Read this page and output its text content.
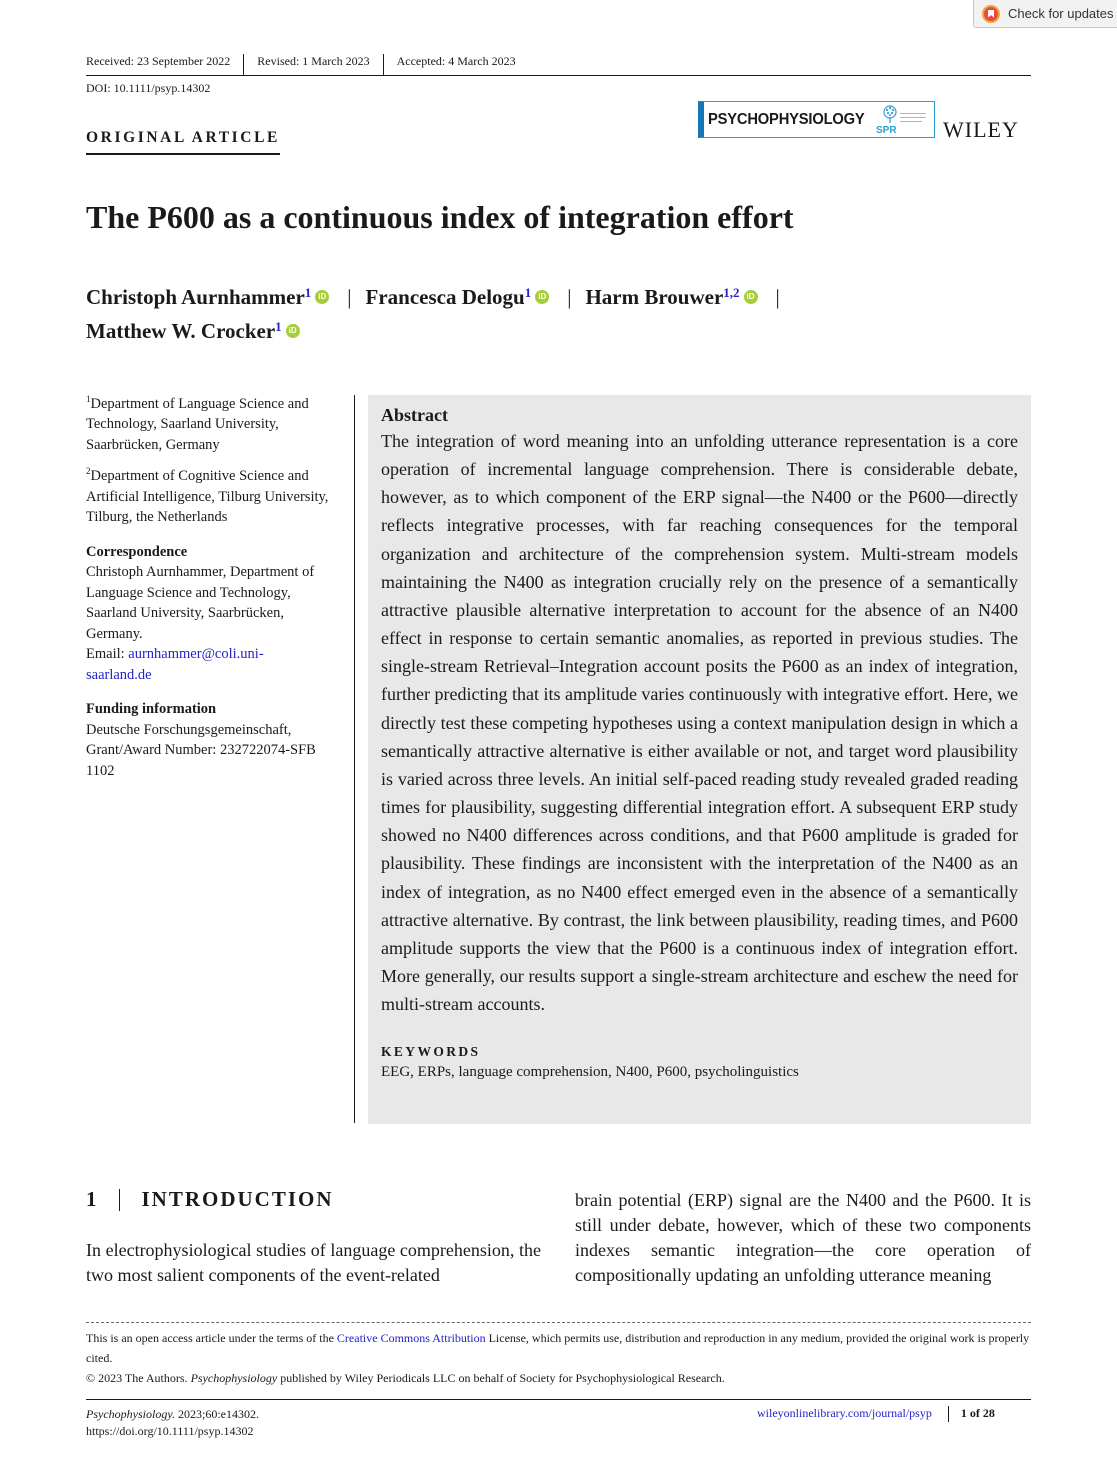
Check for updates
Received: 23 September 2022	Revised: 1 March 2023	Accepted: 4 March 2023
DOI: 10.1111/psyp.14302
ORIGINAL ARTICLE
PSYCHOPHYSIOLOGY
SPR WILEY
The P600 as a continuous index of integration effort
Christoph Aurnhammer$^1$ iD | Francesca Delogu$^1$ iD | Harm Brouwer$^{1,2}$ iD |
Matthew W. Crocker$^1$ iD

$^1$Department of Language Science and Technology, Saarland University, Saarbrücken, Germany

$^2$Department of Cognitive Science and Artificial Intelligence, Tilburg University, Tilburg, the Netherlands

Correspondence
Christoph Aurnhammer, Department of Language Science and Technology, Saarland University, Saarbrücken, Germany.
Email: aurnhammer@coli.uni-
saarland.de
Funding information
Deutsche Forschungsgemeinschaft, Grant/Award Number: 232722074-SFB 1102
Abstract
The integration of word meaning into an unfolding utterance representation is a core operation of incremental language comprehension. There is considerable debate, however, as to which component of the ERP signal—the N400 or the P600—directly reflects integrative processes, with far reaching consequences for the temporal organization and architecture of the comprehension system. Multi-stream models maintaining the N400 as integration crucially rely on the presence of a semantically attractive plausible alternative interpretation to account for the absence of an N400 effect in response to certain semantic anomalies, as reported in previous studies. The single-stream Retrieval–Integration account posits the P600 as an index of integration, further predicting that its amplitude varies continuously with integrative effort. Here, we directly test these competing hypotheses using a context manipulation design in which a semantically attractive alternative is either available or not, and target word plausibility is varied across three levels. An initial self-paced reading study revealed graded reading times for plausibility, suggesting differential integration effort. A subsequent ERP study showed no N400 differences across conditions, and that P600 amplitude is graded for plausibility. These findings are inconsistent with the interpretation of the N400 as an index of integration, as no N400 effect emerged even in the absence of a semantically attractive alternative. By contrast, the link between plausibility, reading times, and P600 amplitude supports the view that the P600 is a continuous index of integration effort. More generally, our results support a single-stream architecture and eschew the need for multi-stream accounts.
KEYWORDS
EEG, ERPs, language comprehension, N400, P600, psycholinguistics
1 INTRODUCTION
In electrophysiological studies of language comprehension, the two most salient components of the event-related
brain potential (ERP) signal are the N400 and the P600. It is still under debate, however, which of these two components indexes semantic integration—the core operation of compositionally updating an unfolding utterance meaning

This is an open access article under the terms of the Creative Commons Attribution License, which permits use, distribution and reproduction in any medium, provided the original work is properly cited.

© 2023 The Authors. Psychophysiology published by Wiley Periodicals LLC on behalf of Society for Psychophysiological Research.

Psychophysiology. 2023;60:e14302.
https://doi.org/10.1111/psyp.14302
wileyonlinelibrary.com/journal/psyp 1 of 28
